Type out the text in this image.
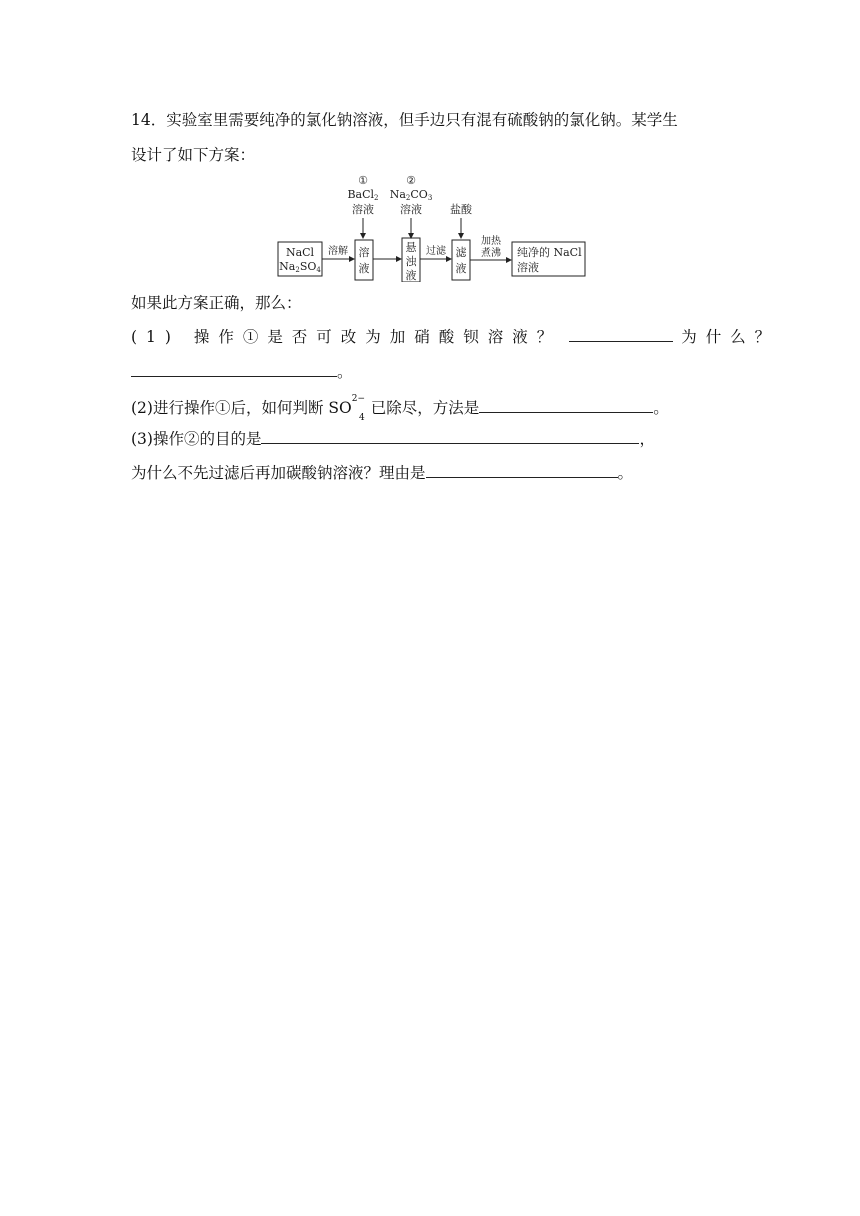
14．实验室里需要纯净的氯化钠溶液，但手边只有混有硫酸钠的氯化钠。某学生
设计了如下方案：
①
BaCl2
溶液
②
Na2CO3
溶液	盐酸
NaCl
Na2SO4
溶解 溶
液
悬
浊
液
过滤 滤
液
加热
煮沸 纯净的 NaCl
溶液
如果此方案正确，那么：
(1) 操作①是否可改为加硝酸钡溶液？	为什么？
。
(2)进行操作①后，如何判断 $SO^{2-}_4$已除尽，方法是	。
(3)操作②的目的是	，
为什么不先过滤后再加碳酸钠溶液？理由是	。
